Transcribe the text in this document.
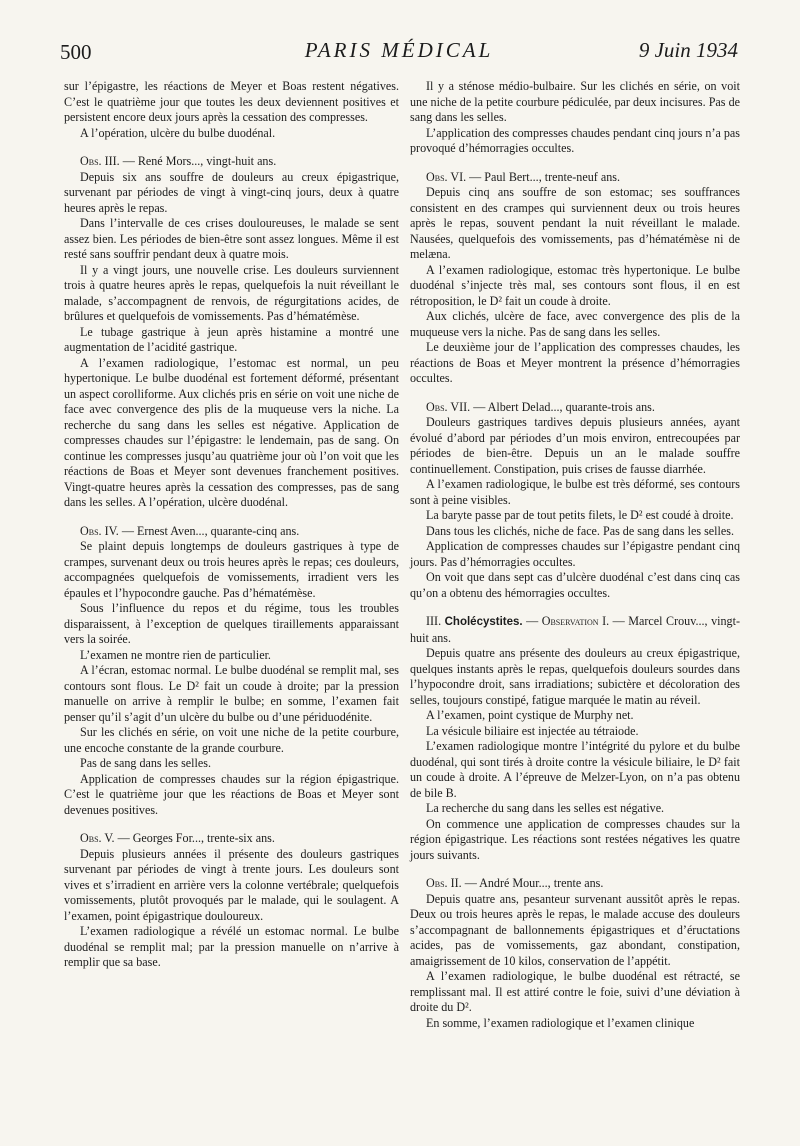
500	PARIS MÉDICAL	9 Juin 1934

sur l’épigastre, les réactions de Meyer et Boas restent négatives. C’est le quatrième jour que toutes les deux deviennent positives et persistent encore deux jours après la cessation des compresses.

A l’opération, ulcère du bulbe duodénal.

Obs. III. — René Mors..., vingt-huit ans.

Depuis six ans souffre de douleurs au creux épigastrique, survenant par périodes de vingt à vingt-cinq jours, deux à quatre heures après le repas.

Dans l’intervalle de ces crises douloureuses, le malade se sent assez bien. Les périodes de bien-être sont assez longues. Même il est resté sans souffrir pendant deux à quatre mois.

Il y a vingt jours, une nouvelle crise. Les douleurs surviennent trois à quatre heures après le repas, quelquefois la nuit réveillant le malade, s’accompagnent de renvois, de régurgitations acides, de brûlures et quelquefois de vomissements. Pas d’hématémèse.

Le tubage gastrique à jeun après histamine a montré une augmentation de l’acidité gastrique.

A l’examen radiologique, l’estomac est normal, un peu hypertonique. Le bulbe duodénal est fortement déformé, présentant un aspect corolliforme. Aux clichés pris en série on voit une niche de face avec convergence des plis de la muqueuse vers la niche. La recherche du sang dans les selles est négative. Application de compresses chaudes sur l’épigastre: le lendemain, pas de sang. On continue les compresses jusqu’au quatrième jour où l’on voit que les réactions de Boas et Meyer sont devenues franchement positives. Vingt-quatre heures après la cessation des compresses, pas de sang dans les selles. A l’opération, ulcère duodénal.

Obs. IV. — Ernest Aven..., quarante-cinq ans.

Se plaint depuis longtemps de douleurs gastriques à type de crampes, survenant deux ou trois heures après le repas; ces douleurs, accompagnées quelquefois de vomissements, irradient vers les épaules et l’hypocondre gauche. Pas d’hématémèse.

Sous l’influence du repos et du régime, tous les troubles disparaissent, à l’exception de quelques tiraillements apparaissant vers la soirée.

L’examen ne montre rien de particulier.

A l’écran, estomac normal. Le bulbe duodénal se remplit mal, ses contours sont flous. Le D² fait un coude à droite; par la pression manuelle on arrive à remplir le bulbe; en somme, l’examen fait penser qu’il s’agit d’un ulcère du bulbe ou d’une périduodénite.

Sur les clichés en série, on voit une niche de la petite courbure, une encoche constante de la grande courbure.

Pas de sang dans les selles.

Application de compresses chaudes sur la région épigastrique. C’est le quatrième jour que les réactions de Boas et Meyer sont devenues positives.

Obs. V. — Georges For..., trente-six ans.

Depuis plusieurs années il présente des douleurs gastriques survenant par périodes de vingt à trente jours. Les douleurs sont vives et s’irradient en arrière vers la colonne vertébrale; quelquefois vomissements, plutôt provoqués par le malade, qui le soulagent. A l’examen, point épigastrique douloureux.

L’examen radiologique a révélé un estomac normal. Le bulbe duodénal se remplit mal; par la pression manuelle on n’arrive à remplir que sa base.

Il y a sténose médio-bulbaire. Sur les clichés en série, on voit une niche de la petite courbure pédiculée, par deux incisures. Pas de sang dans les selles.

L’application des compresses chaudes pendant cinq jours n’a pas provoqué d’hémorragies occultes.

Obs. VI. — Paul Bert..., trente-neuf ans.

Depuis cinq ans souffre de son estomac; ses souffrances consistent en des crampes qui surviennent deux ou trois heures après le repas, souvent pendant la nuit réveillant le malade. Nausées, quelquefois des vomissements, pas d’hématémèse ni de melæna.

A l’examen radiologique, estomac très hypertonique. Le bulbe duodénal s’injecte très mal, ses contours sont flous, il en est rétroposition, le D² fait un coude à droite.

Aux clichés, ulcère de face, avec convergence des plis de la muqueuse vers la niche. Pas de sang dans les selles.

Le deuxième jour de l’application des compresses chaudes, les réactions de Boas et Meyer montrent la présence d’hémorragies occultes.

Obs. VII. — Albert Delad..., quarante-trois ans.

Douleurs gastriques tardives depuis plusieurs années, ayant évolué d’abord par périodes d’un mois environ, entrecoupées par périodes de bien-être. Depuis un an le malade souffre continuellement. Constipation, puis crises de fausse diarrhée.

A l’examen radiologique, le bulbe est très déformé, ses contours sont à peine visibles.

La baryte passe par de tout petits filets, le D² est coudé à droite.

Dans tous les clichés, niche de face. Pas de sang dans les selles.

Application de compresses chaudes sur l’épigastre pendant cinq jours. Pas d’hémorragies occultes.

On voit que dans sept cas d’ulcère duodénal c’est dans cinq cas qu’on a obtenu des hémorragies occultes.

III. Cholécystites. — Observation I. — Marcel Crouv..., vingt-huit ans.

Depuis quatre ans présente des douleurs au creux épigastrique, quelques instants après le repas, quelquefois douleurs sourdes dans l’hypocondre droit, sans irradiations; subictère et décoloration des selles, toujours constipé, fatigue marquée le matin au réveil.

A l’examen, point cystique de Murphy net.

La vésicule biliaire est injectée au tétraiode.

L’examen radiologique montre l’intégrité du pylore et du bulbe duodénal, qui sont tirés à droite contre la vésicule biliaire, le D² fait un coude à droite. A l’épreuve de Melzer-Lyon, on n’a pas obtenu de bile B.

La recherche du sang dans les selles est négative.

On commence une application de compresses chaudes sur la région épigastrique. Les réactions sont restées négatives les quatre jours suivants.

Obs. II. — André Mour..., trente ans.

Depuis quatre ans, pesanteur survenant aussitôt après le repas. Deux ou trois heures après le repas, le malade accuse des douleurs s’accompagnant de ballonnements épigastriques et d’éructations acides, pas de vomissements, gaz abondant, constipation, amaigrissement de 10 kilos, conservation de l’appétit.

A l’examen radiologique, le bulbe duodénal est rétracté, se remplissant mal. Il est attiré contre le foie, suivi d’une déviation à droite du D².

En somme, l’examen radiologique et l’examen clinique
